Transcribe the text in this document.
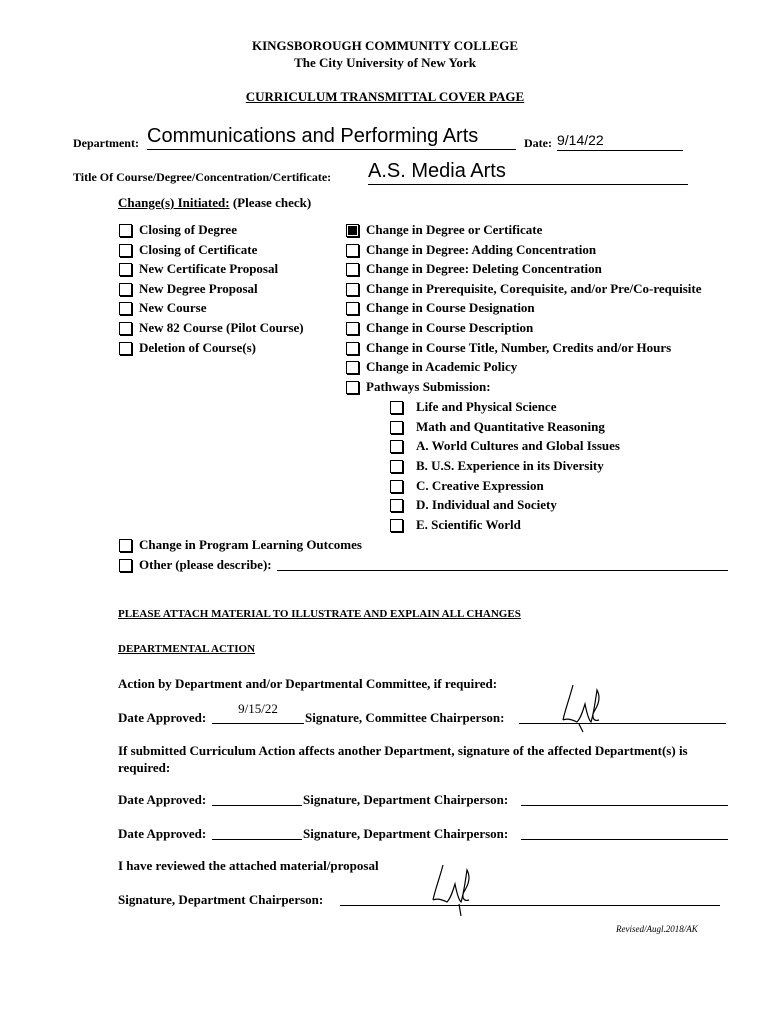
KINGSBOROUGH COMMUNITY COLLEGE
The City University of New York
CURRICULUM TRANSMITTAL COVER PAGE
Department: Communications and Performing Arts	Date: 9/14/22
Title Of Course/Degree/Concentration/Certificate: A.S. Media Arts
Change(s) Initiated: (Please check)
Closing of Degree
Closing of Certificate
New Certificate Proposal
New Degree Proposal
New Course
New 82 Course (Pilot Course)
Deletion of Course(s)
Change in Degree or Certificate
Change in Degree: Adding Concentration
Change in Degree: Deleting Concentration
Change in Prerequisite, Corequisite, and/or Pre/Co-requisite
Change in Course Designation
Change in Course Description
Change in Course Title, Number, Credits and/or Hours
Change in Academic Policy
Pathways Submission:
Life and Physical Science
Math and Quantitative Reasoning
A. World Cultures and Global Issues
B. U.S. Experience in its Diversity
C. Creative Expression
D. Individual and Society
E. Scientific World
Change in Program Learning Outcomes
Other (please describe):
PLEASE ATTACH MATERIAL TO ILLUSTRATE AND EXPLAIN ALL CHANGES
DEPARTMENTAL ACTION
Action by Department and/or Departmental Committee, if required:
Date Approved:
9/15/22
Signature, Committee Chairperson:
If submitted Curriculum Action affects another Department, signature of the affected Department(s) is required:
Date Approved:	Signature, Department Chairperson:
Date Approved:	Signature, Department Chairperson:
I have reviewed the attached material/proposal
Signature, Department Chairperson:
Revised/Augl.2018/AK
